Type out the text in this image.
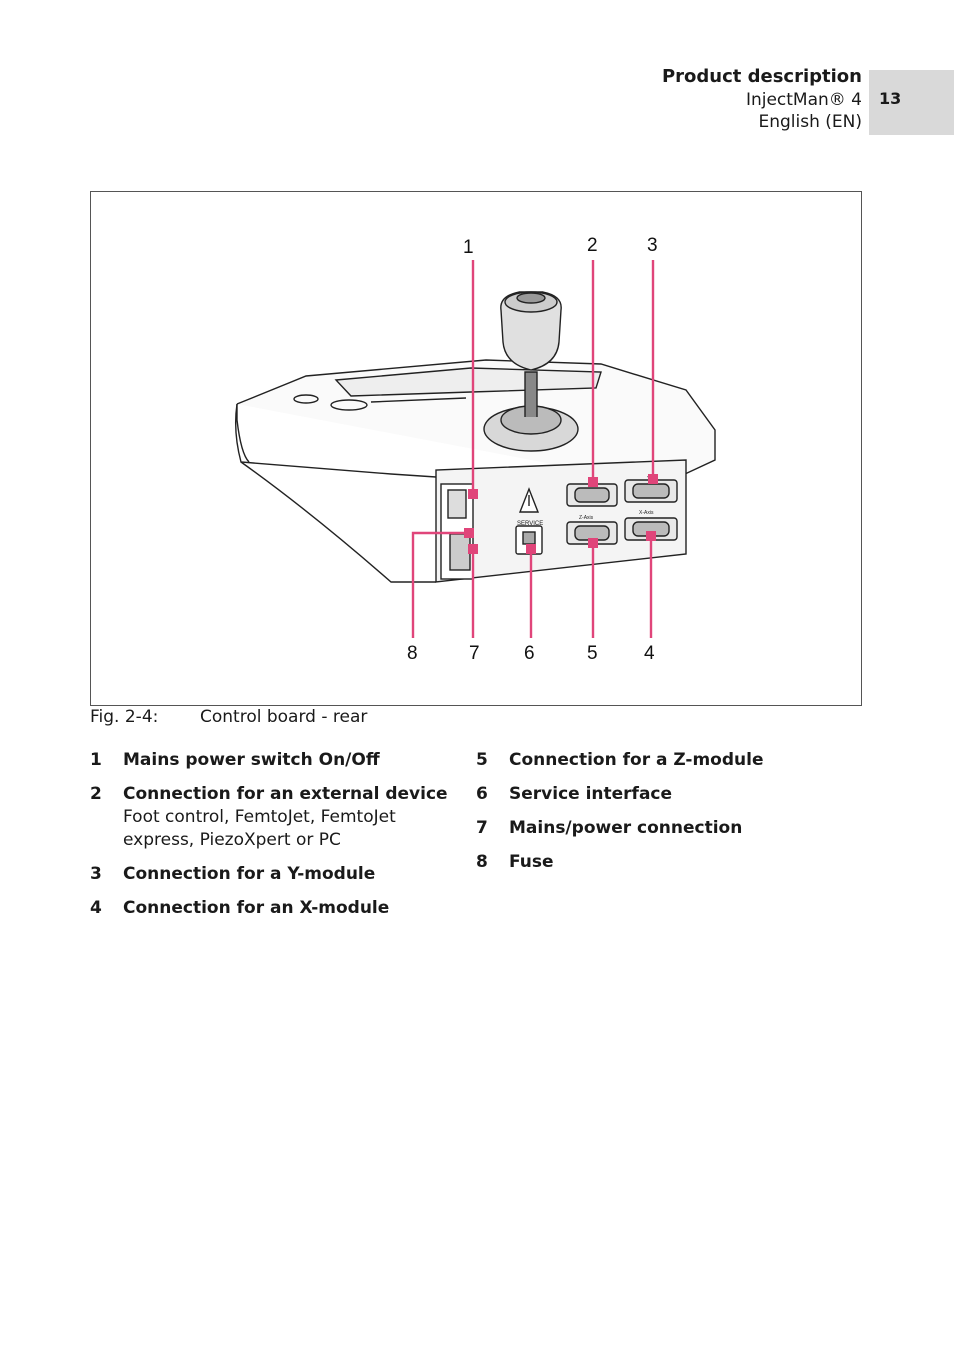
Product description
InjectMan® 4
English (EN)
13
SERVICE
Z-Axis
X-Axis
1	2	3
4
5
6
7
8
Fig. 2-4: Control board - rear
1 Mains power switch On/Off
2 Connection for an external device
Foot control, FemtoJet, FemtoJet express, PiezoXpert or PC
3 Connection for a Y-module
4 Connection for an X-module
5 Connection for a Z-module
6 Service interface
7 Mains/power connection
8 Fuse
